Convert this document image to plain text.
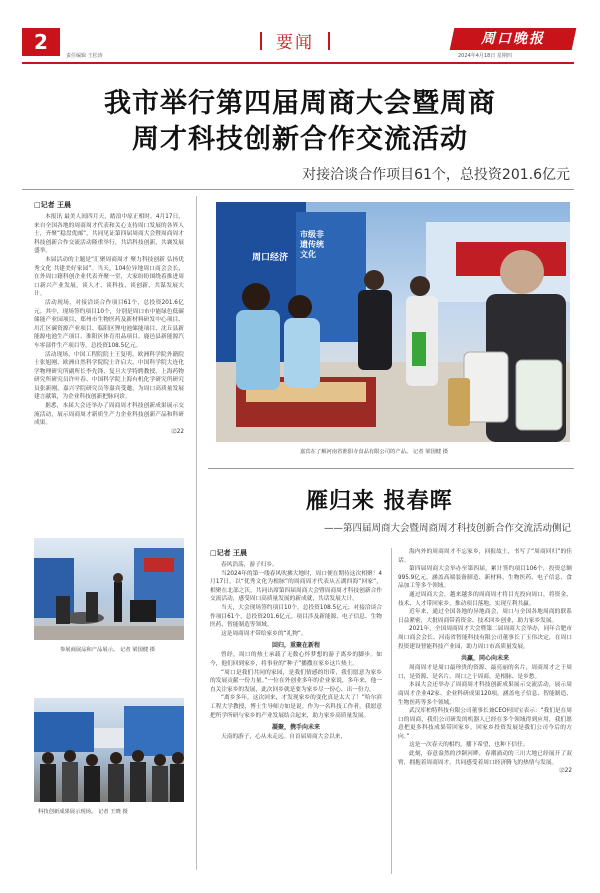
2
责任编辑 王松涛
要闻	周口晚报
2024年4月18日 星期四
我市举行第四届周商大会暨周商
周才科技创新合作交流活动
对接洽谈合作项目61个，总投资201.6亿元
□记者 王晨

本报讯 最美人间四月天，踏浪中原正相时。4月17日，来自全国各地的周商周才代表和关心支持周口发展的各界人士，齐聚“稳盘优邮”，共同见证第四届周商大会暨周商周才科技创新合作交流活动隆重举行，共话科技创新，共襄发展盛举。

本届活动的主题是“汇聚周商周才 聚力科技创新 弘扬优秀文化 共建美好家园”。当天，104位异地周口商会会长、在外周口籍科创企业代表齐聚一堂，大家纷纷围绕着推进周口新兴产业发展，谈人才、谈科技、谈创新，共谋发展大计。

活动现场，对接洽谈合作项目61个，总投资201.6亿元。其中，现场签约项目10个，分别是周口市中能绿色低碳储能产业园项目、郑州市生物医药及新材料研发中心项目、川汇区碳资源产业项目、临阳区锂电池储能项目、沈丘县新能源电池生产项目、淮阳区体育用品项目、鹿邑县新能源汽车零部件生产项目等，总投资108.5亿元。

活动现场，中国工程院院士王复明、欧洲科学院外籍院士张旭刚、欧洲自然科学院院士许启大、中国科学院大连化学物理研究所副所长李先锋、复旦大学特聘教授、上海药物研究所研究员许叶春、中国科学院上海有机化学研究所研究员张新刚、嘉兴学院研究员等嘉宾受邀，为周口高质量发展建言献策，为企业科技创新把脉问诊。

据悉，本届大会还举办了周商周才科技创新成果展示交流活动，展示周商周才新质生产力企业科技创新产品和科研成果。

⑫22

市级非遗传统文化
周口经济
嘉宾在了解河南省淮阳寺食品有限公司的产品。 记者 梁国健 摄
雁归来 报春晖
——第四届周商大会暨周商周才科技创新合作交流活动侧记
参展商展品和产品展示。 记者 梁国健 摄
科技创新成果展示现场。 记者 王晓 摄
□记者 王晨

春风浩荡，游子归乡。

当2024年的第一缕春风吹拂大地时，周口便在期待这次相聚！4月17日，以“优秀文化为根脉”的周商周才代表从五湖四海“回家”，相聚在北部之沃，共同出席第四届周商大会暨周商周才科技创新合作交流活动，感受周口高质量发展的新成就，共话发展大计。

当天，大会现场签约项目10个，总投资108.5亿元；对接洽谈合作项目61个，总投资201.6亿元。项目涉及新能源、电子信息、生物医药、智能制造等领域。

这是周商周才带给家乡的“礼物”。

回归，重聚在新程

曾经，周口的热土承载了无数心怀梦想的游子离乡的脚步。如今，他们回到家乡，将事业的“种子”播撒在家乡这片热土。

“周口是我们共同的家园，是我们情感的纽带，我们愿意为家乡的发展贡献一份力量。”一位在外创业多年的企业家说，多年来，他一直关注家乡的发展，此次回乡就是要为家乡尽一份心、出一份力。

“离乡多年，这次回来，才发现家乡的变化真是太大了！”哈尔滨工程大学教授、博士生导师方如是说。作为一名科技工作者，我愿意把所学所研与家乡的产业发展结合起来，助力家乡高质量发展。

凝聚，携手向未来

天南的游子，心从未走远。自首届周商大会以来，

海内外的周商周才不忘家乡，回报故土，书写了“周商回归”的佳话。

第四届周商大会举办至第四届，累计签约项目106个，投资总额995.9亿元，涵盖高端装备制造、新材料、生物医药、电子信息、食品加工等多个领域。

通过周商大会，越来越多的周商周才将目光投向周口，将资金、技术、人才带回家乡，推动项目落地，实现互利共赢。

近年来，通过全国各地的异地商会，周口与全国各地周商的联系日益紧密，大批周商带着资金、技术回乡创业，助力家乡发展。

2021年，全国周商周才大会暨第二届周商大会举办，同年合肥市周口商会会长、河南省智能科技有限公司董事长丁玉伟决定，在周口投资建设智能科技产业园，助力周口市高质量发展。

共赢，同心向未来

周商周才是周口最珍贵的资源、最亮丽的名片，周商周才之于周口，是资源、是名片，周口之于周商，是根脉、是乡愁。

本届大会还举办了周商周才科技创新成果展示交流活动，展示周商周才企业42家、企业科研成果120项，涵盖电子信息、智能制造、生物医药等多个领域。

武汉库柏特科技有限公司董事长兼CEO何国宝表示：“我们是在周口的周商，我们公司研发的机器人已经在多个领域得到应用，我们愿意把更多科技成果带回家乡，回家乡投资发展是我们公司今后的方向。”

这是一次春天的相约，播下希望，也种下信任。

此刻，春意盎然的沙颍河畔，春潮涌动的三川大地已经展开了双臂，拥抱着周商周才，共同感受着周口经济腾飞的热情与发展。

⑫22
